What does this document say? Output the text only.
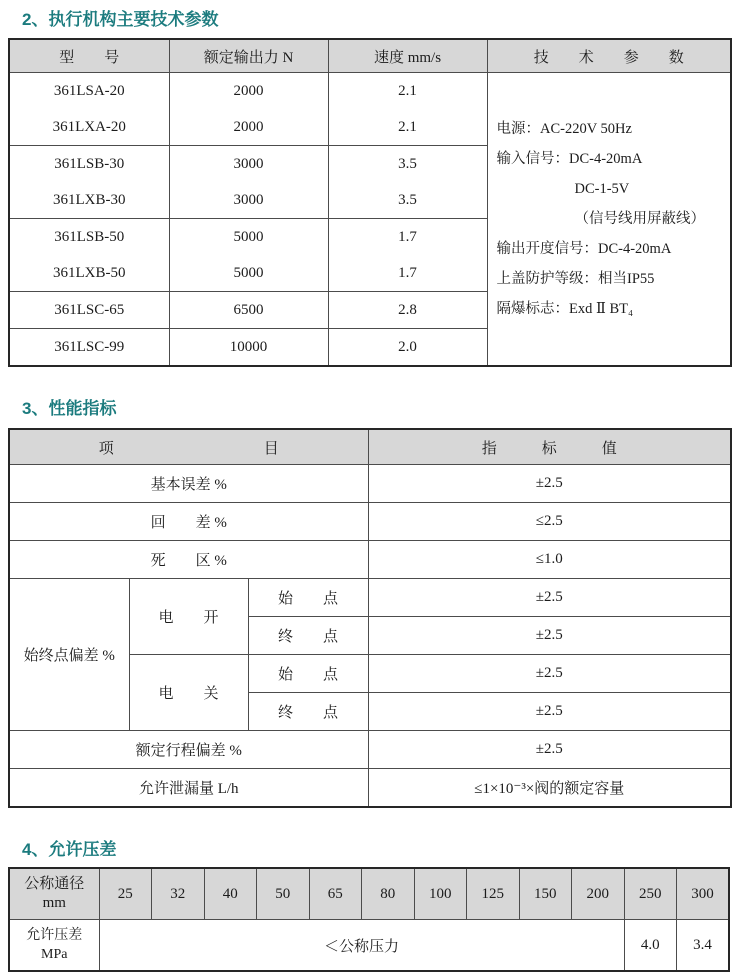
2、执行机构主要技术参数
型　　号	额定输出力 N	速度 mm/s	技　　术　　参　　数
361LSA-20	2000	2.1	
电源：AC-220V 50Hz
输入信号：DC-4-20mA
DC-1-5V
（信号线用屏蔽线）
输出开度信号：DC-4-20mA
上盖防护等级：相当IP55
隔爆标志：Exd Ⅱ BT₄

361LXA-20	2000	2.1	
361LSB-30	3000	3.5	
361LXB-30	3000	3.5	
361LSB-50	5000	1.7	
361LXB-50	5000	1.7	
361LSC-65	6500	2.8	
361LSC-99	10000	2.0	
3、性能指标
项　　　　　　　　　　目			指　　　标　　　值
基本误差 %			±2.5
回　　差 %			≤2.5
死　　区 %			≤1.0
始终点偏差 %	电　　开	始　　点	±2.5
		终　　点	±2.5
	电　　关	始　　点	±2.5
		终　　点	±2.5
额定行程偏差 %			±2.5
允许泄漏量 L/h			≤1×10⁻³×阀的额定容量
4、允许压差
公称通径
mm	25	32	40	50	65	80	100	125	150	200	250	300

允许压差
MPa	＜公称压力										4.0	3.4
